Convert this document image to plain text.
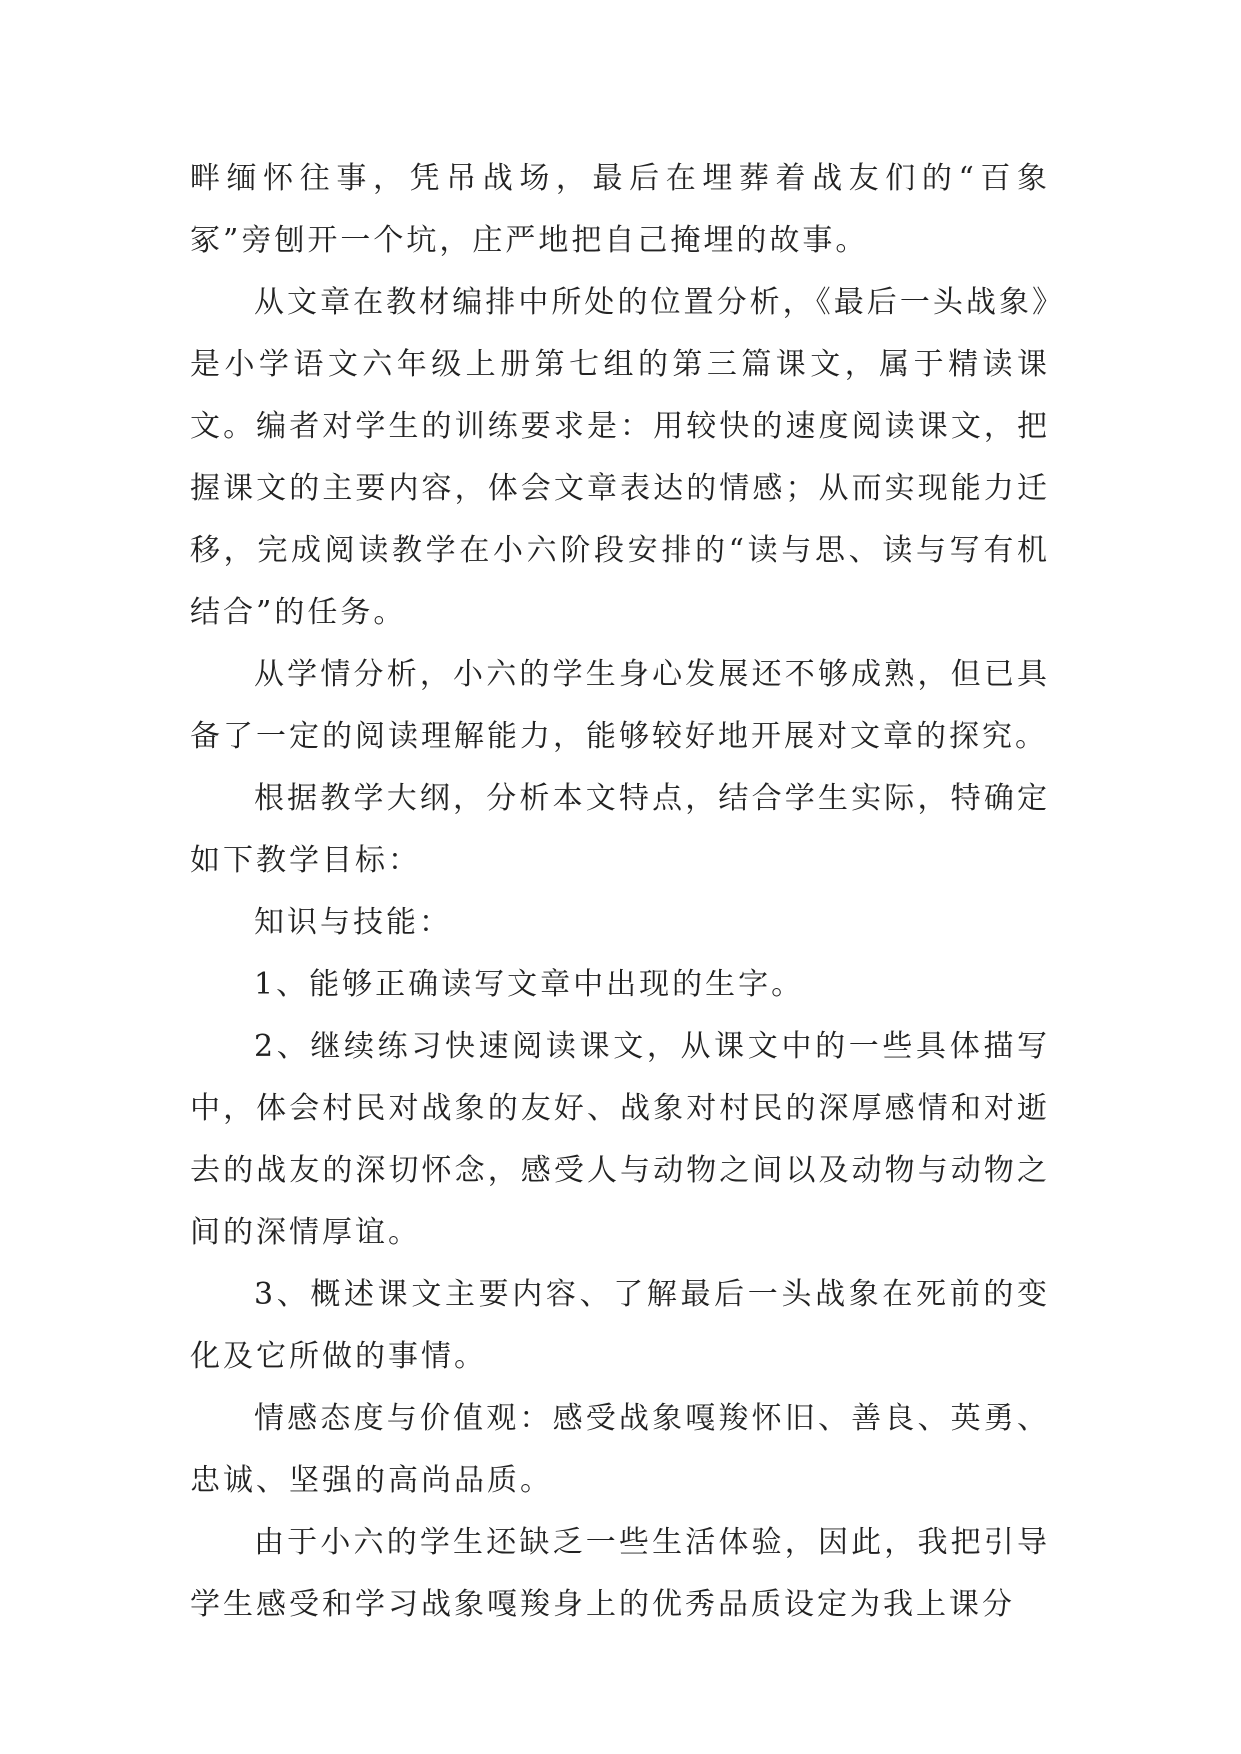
畔缅怀往事，凭吊战场，最后在埋葬着战友们的“百象冢”旁刨开一个坑，庄严地把自己掩埋的故事。

从文章在教材编排中所处的位置分析，《最后一头战象》是小学语文六年级上册第七组的第三篇课文，属于精读课文。编者对学生的训练要求是：用较快的速度阅读课文，把握课文的主要内容，体会文章表达的情感；从而实现能力迁移，完成阅读教学在小六阶段安排的“读与思、读与写有机结合”的任务。

从学情分析，小六的学生身心发展还不够成熟，但已具备了一定的阅读理解能力，能够较好地开展对文章的探究。

根据教学大纲，分析本文特点，结合学生实际，特确定如下教学目标：

知识与技能：

1、能够正确读写文章中出现的生字。

2、继续练习快速阅读课文，从课文中的一些具体描写中，体会村民对战象的友好、战象对村民的深厚感情和对逝去的战友的深切怀念，感受人与动物之间以及动物与动物之间的深情厚谊。

3、概述课文主要内容、了解最后一头战象在死前的变化及它所做的事情。

情感态度与价值观：感受战象嘎羧怀旧、善良、英勇、忠诚、坚强的高尚品质。

由于小六的学生还缺乏一些生活体验，因此，我把引导学生感受和学习战象嘎羧身上的优秀品质设定为我上课分
